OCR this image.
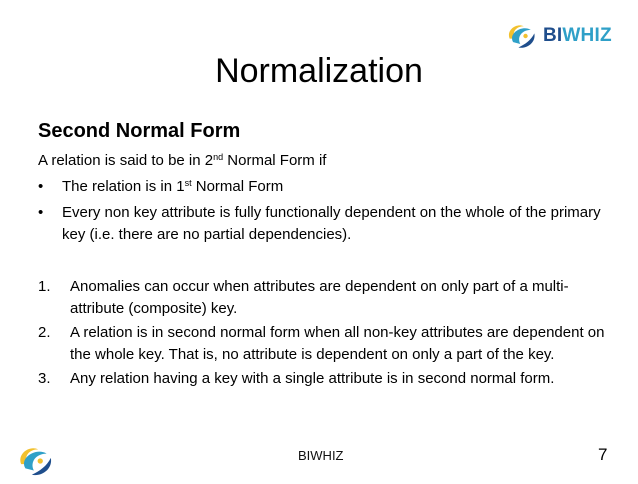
BIWHIZ
Normalization
Second Normal Form
A relation is said to be in 2nd Normal Form if
• The relation is in 1st Normal Form
• Every non key attribute is fully functionally dependent on the whole of the primary key (i.e. there are no partial dependencies).
1. Anomalies can occur when attributes are dependent on only part of a multi-attribute (composite) key.
2. A relation is in second normal form when all non-key attributes are dependent on the whole key. That is, no attribute is dependent on only a part of the key.
3. Any relation having a key with a single attribute is in second normal form.
BIWHIZ	7
